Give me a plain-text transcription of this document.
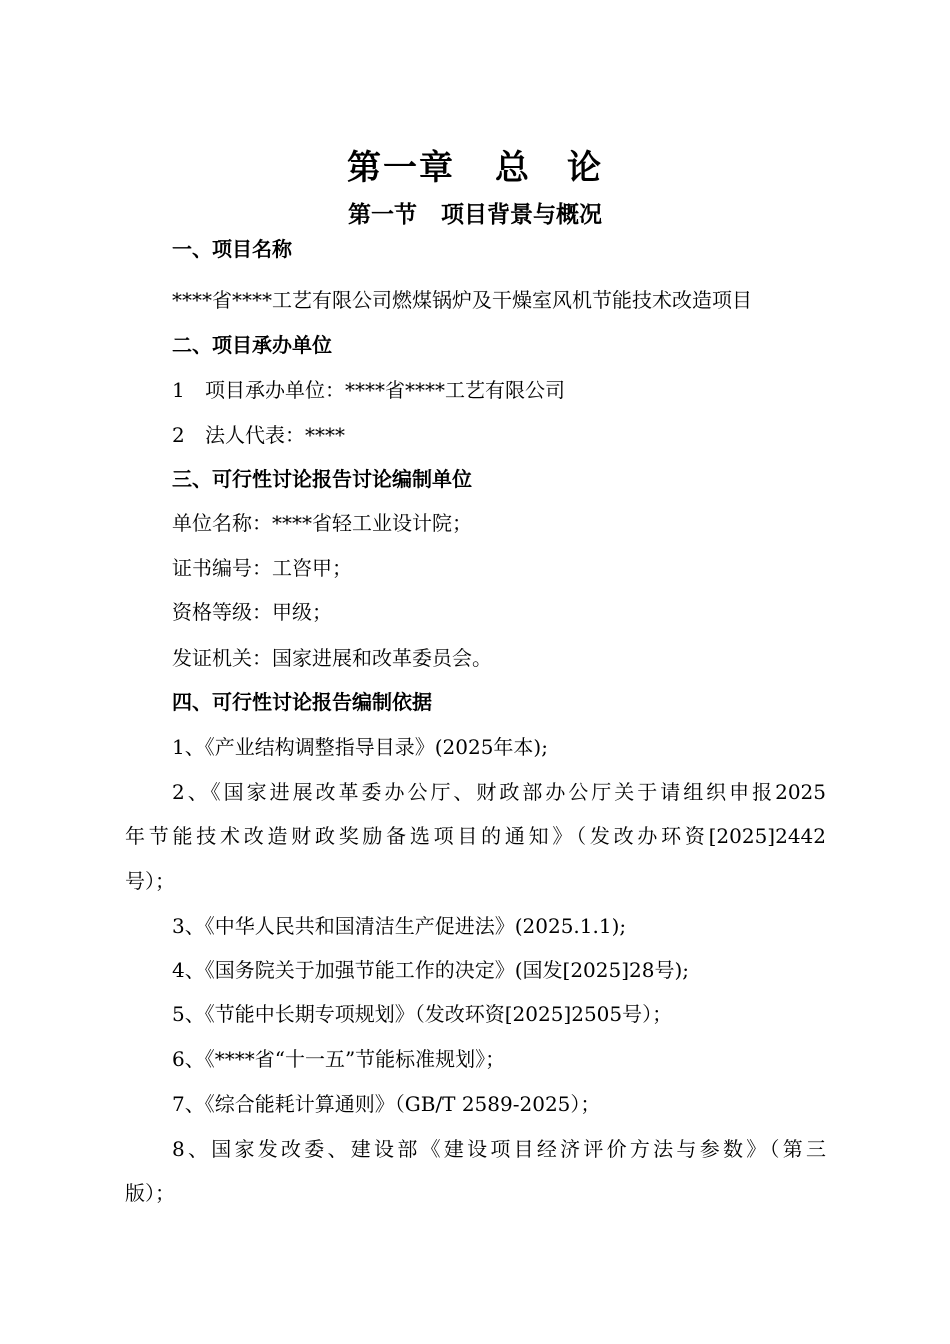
第一章 总　论
第一节 项目背景与概况
一、项目名称
****省****工艺有限公司燃煤锅炉及干燥室风机节能技术改造项目
二、项目承办单位
1 项目承办单位：****省****工艺有限公司
2 法人代表：****
三、可行性讨论报告讨论编制单位
单位名称：****省轻工业设计院；
证书编号：工咨甲；
资格等级：甲级；
发证机关：国家进展和改革委员会。
四、可行性讨论报告编制依据
1、《产业结构调整指导目录》(2025年本);
2、《国家进展改革委办公厅、财政部办公厅关于请组织申报2025
年节能技术改造财政奖励备选项目的通知》（发改办环资[2025]2442
号）；
3、《中华人民共和国清洁生产促进法》(2025.1.1);
4、《国务院关于加强节能工作的决定》(国发[2025]28号);
5、《节能中长期专项规划》（发改环资[2025]2505号）；
6、《****省“十一五”节能标准规划》；
7、《综合能耗计算通则》（GB/T 2589-2025）；
8、国家发改委、建设部《建设项目经济评价方法与参数》（第三
版）；
